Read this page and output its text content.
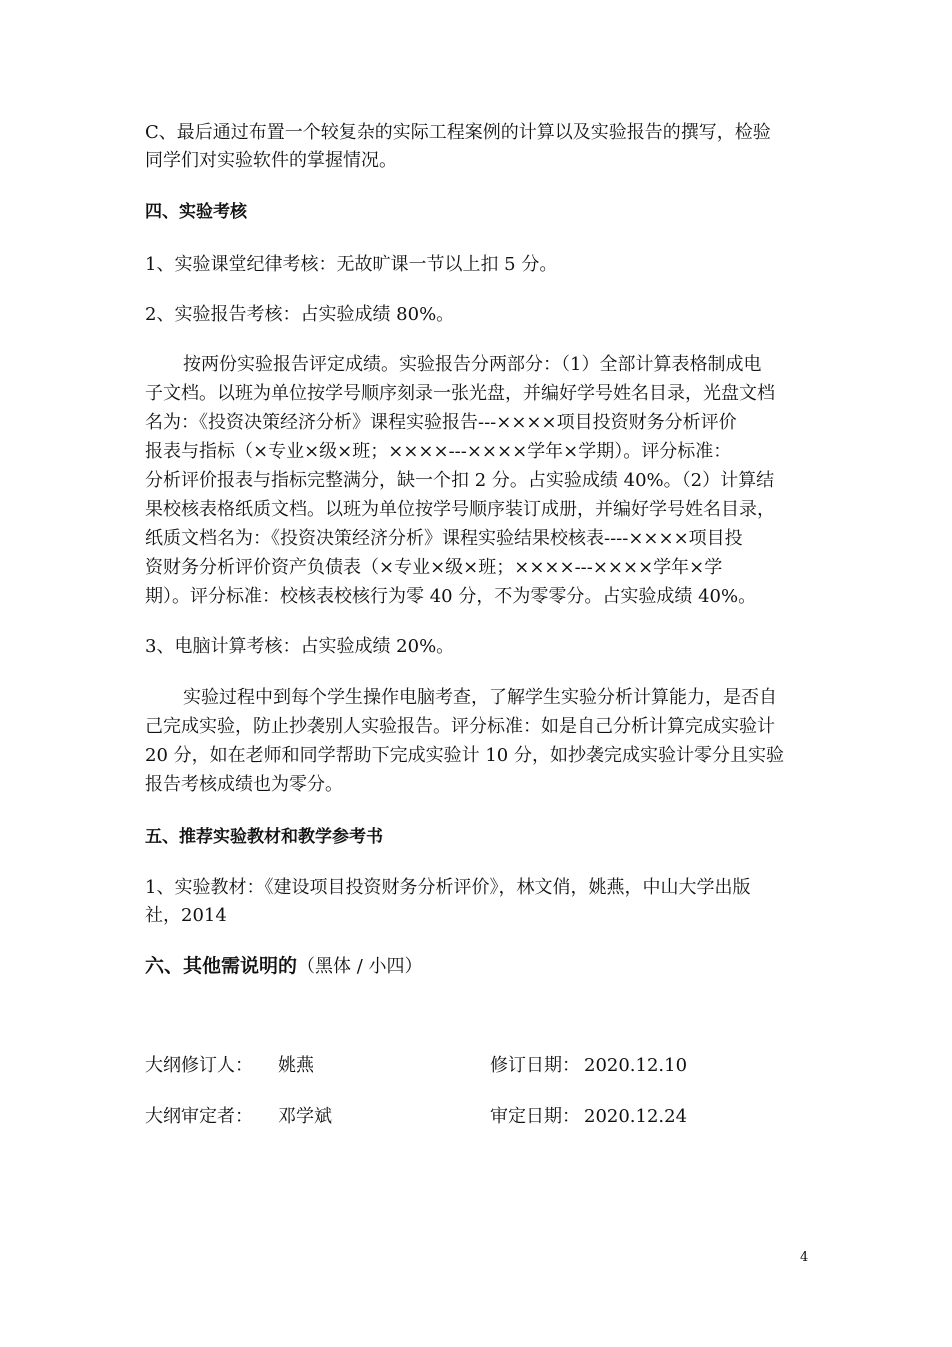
C、最后通过布置一个较复杂的实际工程案例的计算以及实验报告的撰写，检验

同学们对实验软件的掌握情况。

四、实验考核

1、实验课堂纪律考核：无故旷课一节以上扣 5 分。

2、实验报告考核：占实验成绩 80%。

按两份实验报告评定成绩。实验报告分两部分：（1）全部计算表格制成电

子文档。以班为单位按学号顺序刻录一张光盘，并编好学号姓名目录，光盘文档

名为：《投资决策经济分析》课程实验报告---××××项目投资财务分析评价

报表与指标（×专业×级×班；××××---××××学年×学期）。评分标准：

分析评价报表与指标完整满分，缺一个扣 2 分。占实验成绩 40%。（2）计算结

果校核表格纸质文档。以班为单位按学号顺序装订成册，并编好学号姓名目录，

纸质文档名为：《投资决策经济分析》课程实验结果校核表----××××项目投

资财务分析评价资产负债表（×专业×级×班；××××---××××学年×学

期）。评分标准：校核表校核行为零 40 分，不为零零分。占实验成绩 40%。

3、电脑计算考核：占实验成绩 20%。

实验过程中到每个学生操作电脑考查，了解学生实验分析计算能力，是否自

己完成实验，防止抄袭别人实验报告。评分标准：如是自己分析计算完成实验计

20 分，如在老师和同学帮助下完成实验计 10 分，如抄袭完成实验计零分且实验

报告考核成绩也为零分。

五、推荐实验教材和教学参考书

1、实验教材：《建设项目投资财务分析评价》，林文俏，姚燕，中山大学出版

社，2014

六、其他需说明的（黑体 / 小四）

大纲修订人： 姚燕	修订日期： 2020.12.10
大纲审定者： 邓学斌	审定日期： 2020.12.24
4
